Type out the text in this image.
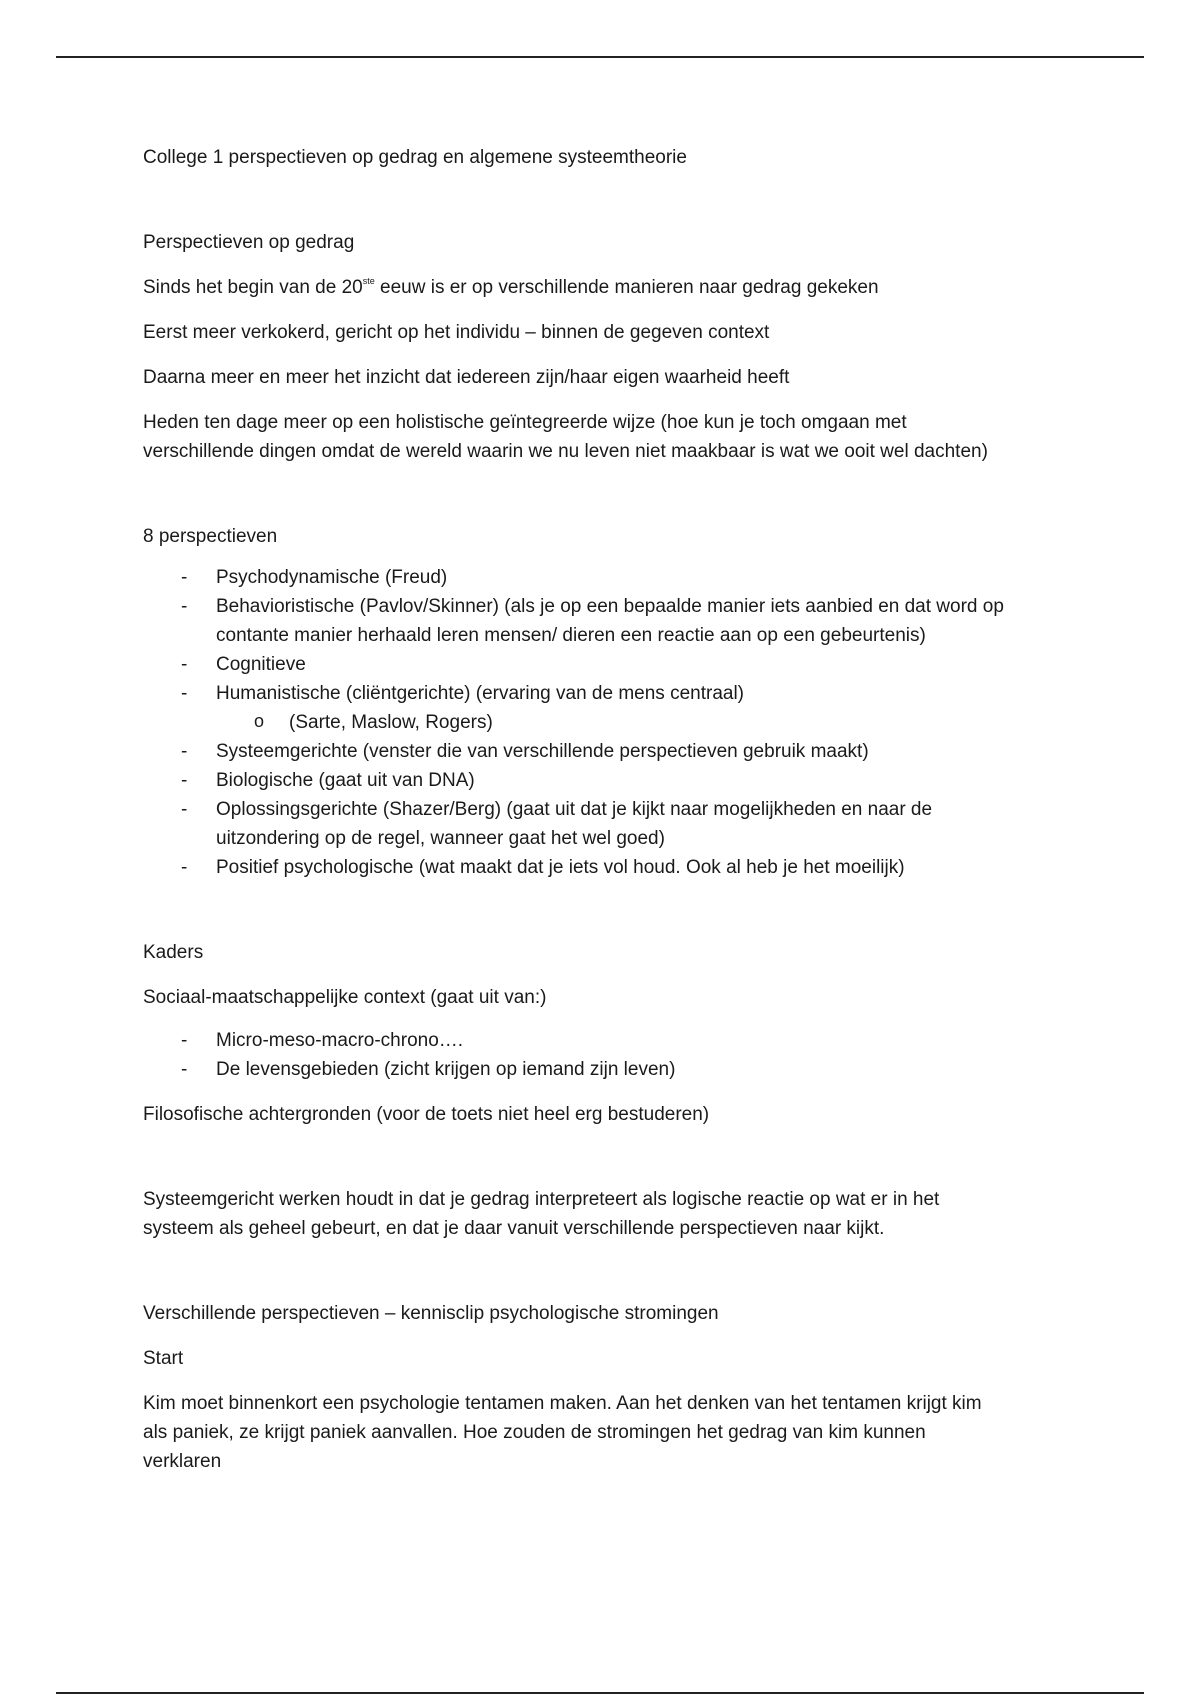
College 1 perspectieven op gedrag en algemene systeemtheorie

Perspectieven op gedrag

Sinds het begin van de 20ste eeuw is er op verschillende manieren naar gedrag gekeken

Eerst meer verkokerd, gericht op het individu – binnen de gegeven context

Daarna meer en meer het inzicht dat iedereen zijn/haar eigen waarheid heeft

Heden ten dage meer op een holistische geïntegreerde wijze (hoe kun je toch omgaan met

verschillende dingen omdat de wereld waarin we nu leven niet maakbaar is wat we ooit wel dachten)

8 perspectieven

- Psychodynamische (Freud)
- Behavioristische (Pavlov/Skinner) (als je op een bepaalde manier iets aanbied en dat word op
contante manier herhaald leren mensen/ dieren een reactie aan op een gebeurtenis)
- Cognitieve
- Humanistische (cliëntgerichte) (ervaring van de mens centraal)
o (Sarte, Maslow, Rogers)
- Systeemgerichte (venster die van verschillende perspectieven gebruik maakt)
- Biologische (gaat uit van DNA)
- Oplossingsgerichte (Shazer/Berg) (gaat uit dat je kijkt naar mogelijkheden en naar de
uitzondering op de regel, wanneer gaat het wel goed)
- Positief psychologische (wat maakt dat je iets vol houd. Ook al heb je het moeilijk)

Kaders

Sociaal-maatschappelijke context (gaat uit van:)

- Micro-meso-macro-chrono….
- De levensgebieden (zicht krijgen op iemand zijn leven)

Filosofische achtergronden (voor de toets niet heel erg bestuderen)

Systeemgericht werken houdt in dat je gedrag interpreteert als logische reactie op wat er in het

systeem als geheel gebeurt, en dat je daar vanuit verschillende perspectieven naar kijkt.

Verschillende perspectieven – kennisclip psychologische stromingen

Start

Kim moet binnenkort een psychologie tentamen maken. Aan het denken van het tentamen krijgt kim

als paniek, ze krijgt paniek aanvallen. Hoe zouden de stromingen het gedrag van kim kunnen

verklaren
